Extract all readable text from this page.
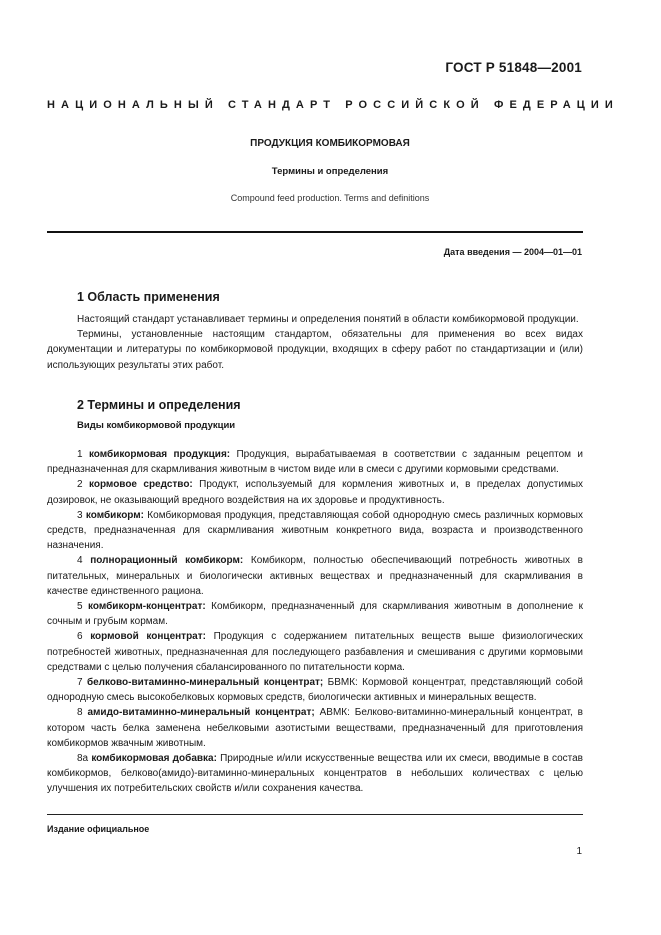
ГОСТ Р 51848—2001
НАЦИОНАЛЬНЫЙ СТАНДАРТ РОССИЙСКОЙ ФЕДЕРАЦИИ
ПРОДУКЦИЯ КОМБИКОРМОВАЯ
Термины и определения
Compound feed production. Terms and definitions
Дата введения — 2004—01—01
1 Область применения

Настоящий стандарт устанавливает термины и определения понятий в области комбикормовой продукции.

Термины, установленные настоящим стандартом, обязательны для применения во всех видах документации и литературы по комбикормовой продукции, входящих в сферу работ по стандартизации и (или) использующих результаты этих работ.

2 Термины и определения
Виды комбикормовой продукции

1 комбикормовая продукция: Продукция, вырабатываемая в соответствии с заданным рецептом и предназначенная для скармливания животным в чистом виде или в смеси с другими кормовыми средствами.

2 кормовое средство: Продукт, используемый для кормления животных и, в пределах допустимых дозировок, не оказывающий вредного воздействия на их здоровье и продуктивность.

3 комбикорм: Комбикормовая продукция, представляющая собой однородную смесь различных кормовых средств, предназначенная для скармливания животным конкретного вида, возраста и производственного назначения.

4 полнорационный комбикорм: Комбикорм, полностью обеспечивающий потребность животных в питательных, минеральных и биологически активных веществах и предназначенный для скармливания в качестве единственного рациона.

5 комбикорм-концентрат: Комбикорм, предназначенный для скармливания животным в дополнение к сочным и грубым кормам.

6 кормовой концентрат: Продукция с содержанием питательных веществ выше физиологических потребностей животных, предназначенная для последующего разбавления и смешивания с другими кормовыми средствами с целью получения сбалансированного по питательности корма.

7 белково-витаминно-минеральный концентрат; БВМК: Кормовой концентрат, представляющий собой однородную смесь высокобелковых кормовых средств, биологически активных и минеральных веществ.

8 амидо-витаминно-минеральный концентрат; АВМК: Белково-витаминно-минеральный концентрат, в котором часть белка заменена небелковыми азотистыми веществами, предназначенный для приготовления комбикормов жвачным животным.

8а комбикормовая добавка: Природные и/или искусственные вещества или их смеси, вводимые в состав комбикормов, белково(амидо)-витаминно-минеральных концентратов в небольших количествах с целью улучшения их потребительских свойств и/или сохранения качества.

Издание официальное
1
